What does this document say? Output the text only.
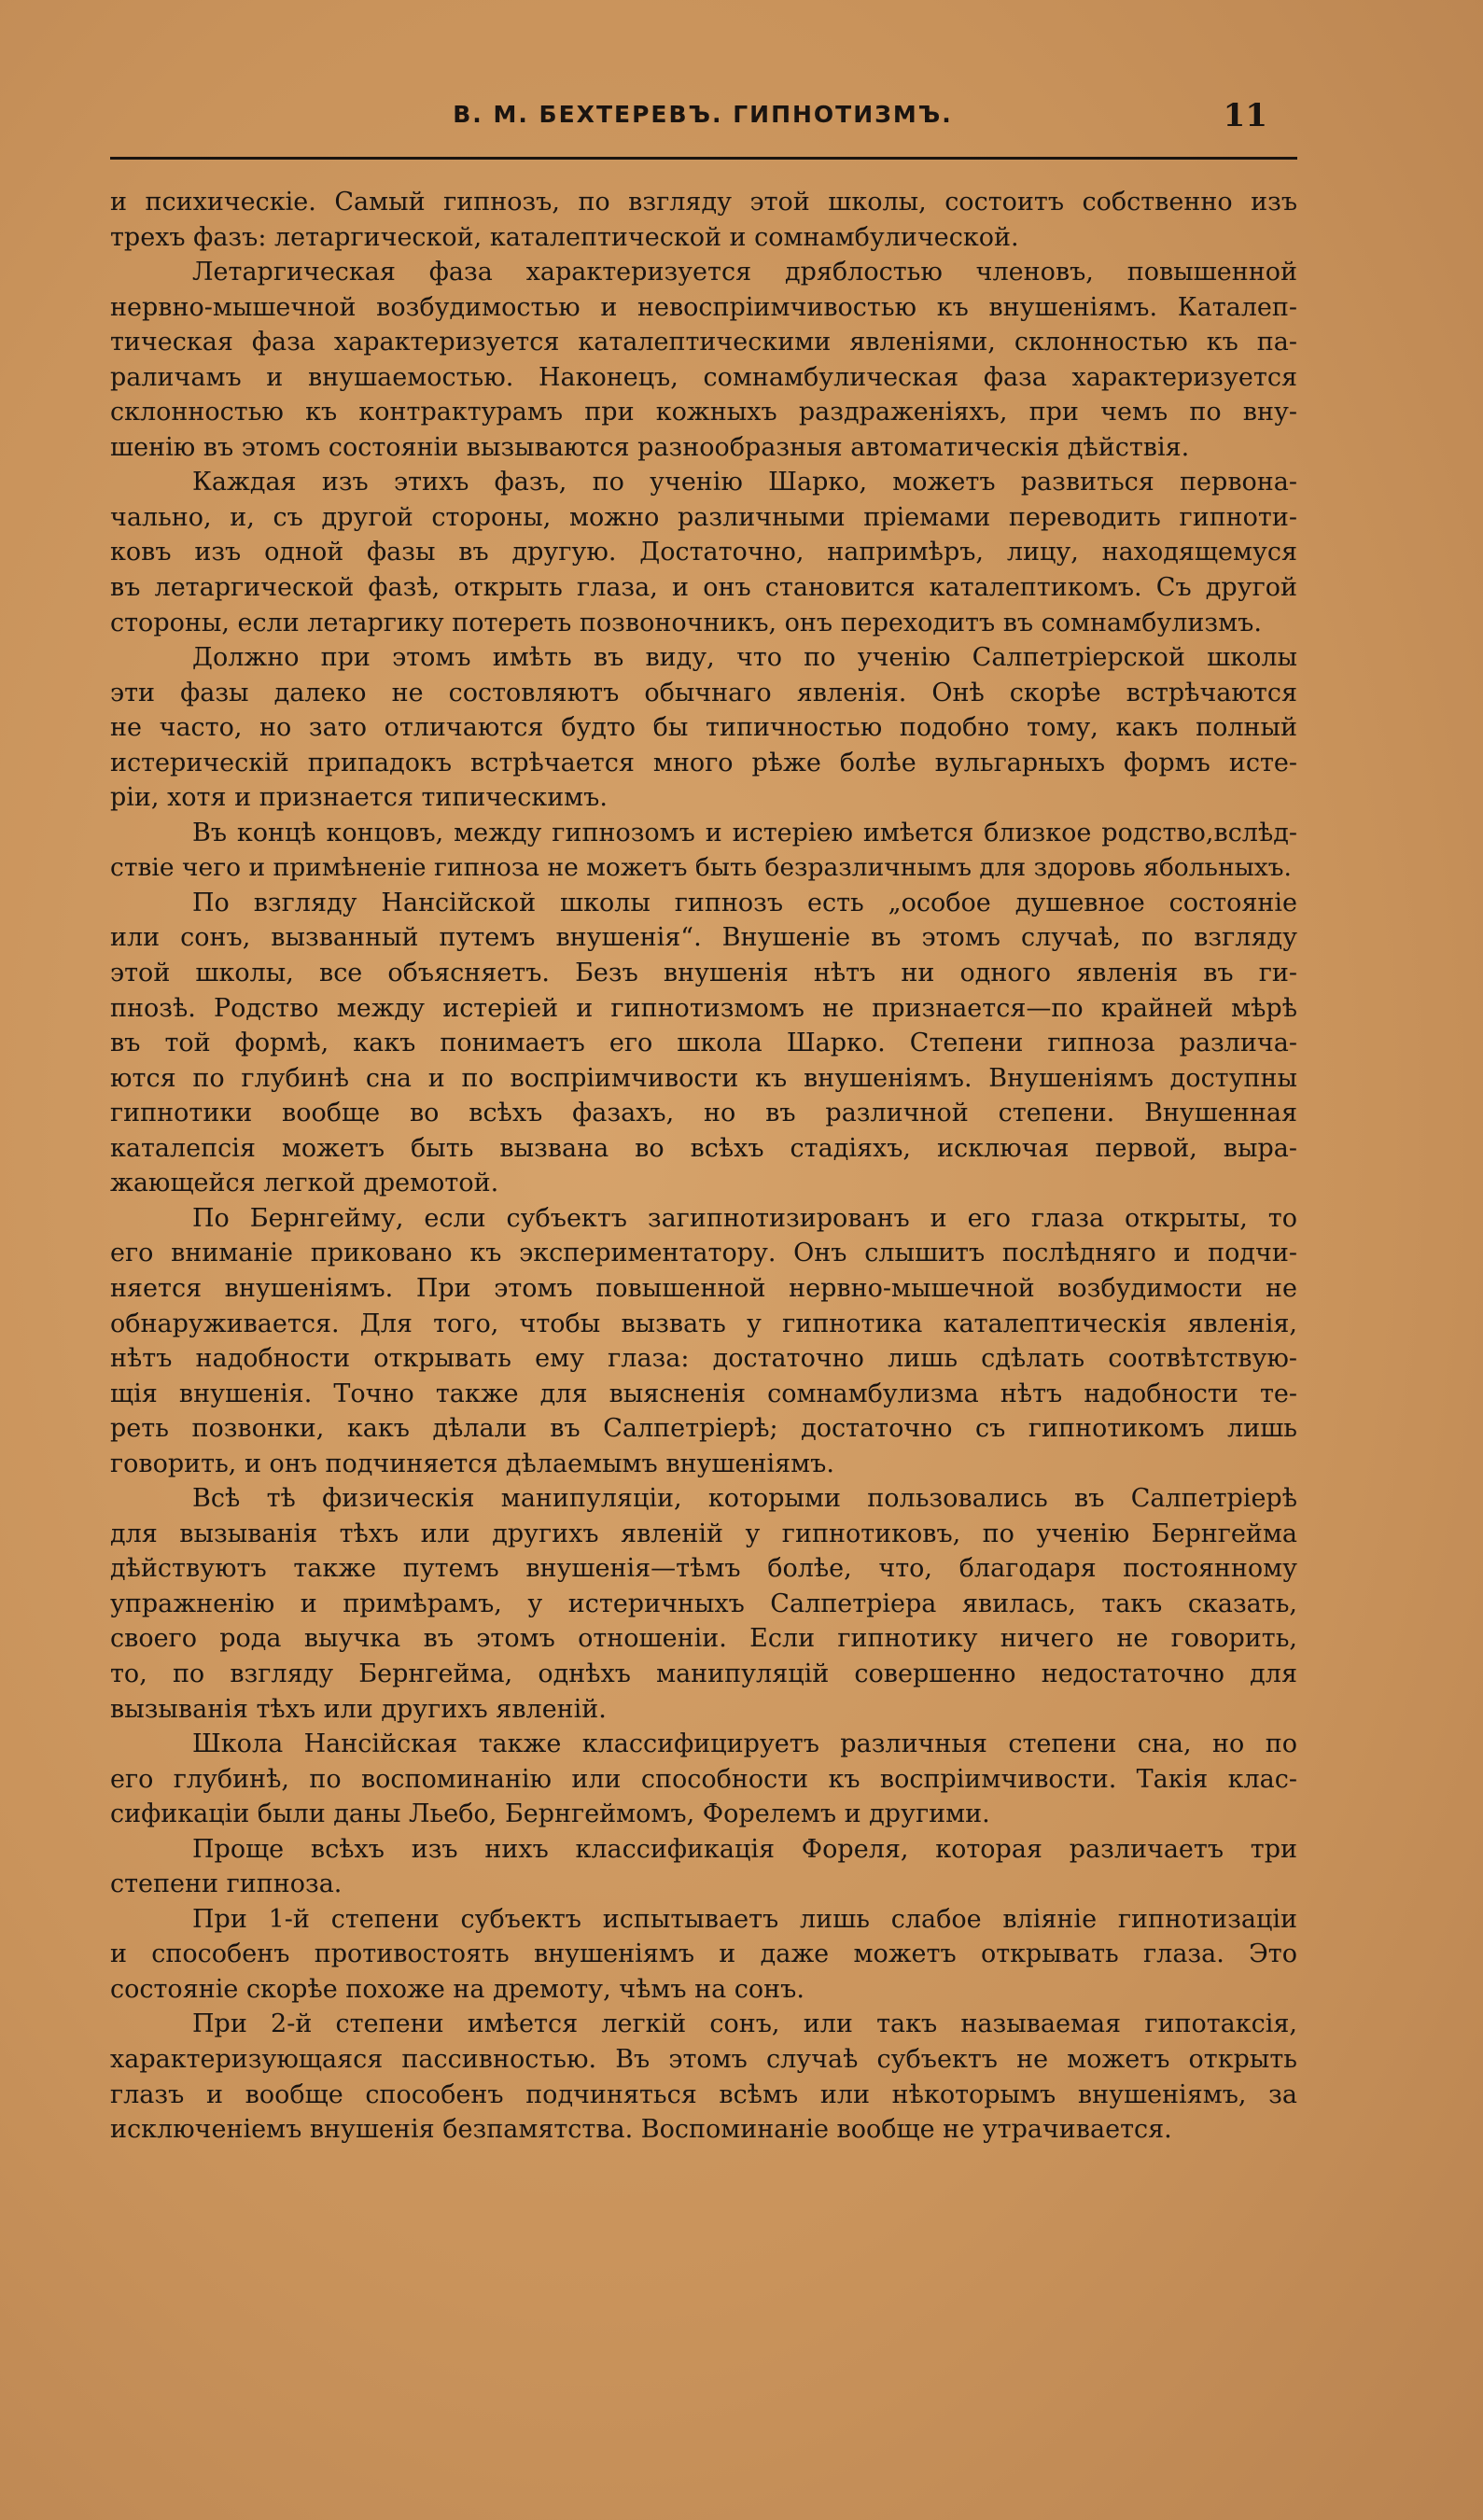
В. М. БЕХТЕРЕВЪ. ГИПНОТИЗМЪ.	11
и психическіе. Самый гипнозъ, по взгляду этой школы, состоитъ собственно изъ
трехъ фазъ: летаргической, каталептической и сомнамбулической.
Летаргическая фаза характеризуется дряблостью членовъ, повышенной
нервно-мышечной возбудимостью и невоспріимчивостью къ внушеніямъ. Каталеп-
тическая фаза характеризуется каталептическими явленіями, склонностью къ па-
раличамъ и внушаемостью. Наконецъ, сомнамбулическая фаза характеризуется
склонностью къ контрактурамъ при кожныхъ раздраженіяхъ, при чемъ по вну-
шенію въ этомъ состояніи вызываются разнообразныя автоматическія дѣйствія.
Каждая изъ этихъ фазъ, по ученію Шарко, можетъ развиться первона-
чально, и, съ другой стороны, можно различными пріемами переводить гипноти-
ковъ изъ одной фазы въ другую. Достаточно, напримѣръ, лицу, находящемуся
въ летаргической фазѣ, открыть глаза, и онъ становится каталептикомъ. Съ другой
стороны, если летаргику потереть позвоночникъ, онъ переходитъ въ сомнамбулизмъ.
Должно при этомъ имѣть въ виду, что по ученію Салпетріерской школы
эти фазы далеко не состовляютъ обычнаго явленія. Онѣ скорѣе встрѣчаются
не часто, но зато отличаются будто бы типичностью подобно тому, какъ полный
истерическій припадокъ встрѣчается много рѣже болѣе вульгарныхъ формъ исте-
ріи, хотя и признается типическимъ.
Въ концѣ концовъ, между гипнозомъ и истеріею имѣется близкое родство,вслѣд-
ствіе чего и примѣненіе гипноза не можетъ быть безразличнымъ для здоровь ябольныхъ.
По взгляду Нансійской школы гипнозъ есть „особое душевное состояніе
или сонъ, вызванный путемъ внушенія“. Внушеніе въ этомъ случаѣ, по взгляду
этой школы, все объясняетъ. Безъ внушенія нѣтъ ни одного явленія въ ги-
пнозѣ. Родство между истеріей и гипнотизмомъ не признается—по крайней мѣрѣ
въ той формѣ, какъ понимаетъ его школа Шарко. Степени гипноза различа-
ются по глубинѣ сна и по воспріимчивости къ внушеніямъ. Внушеніямъ доступны
гипнотики вообще во всѣхъ фазахъ, но въ различной степени. Внушенная
каталепсія можетъ быть вызвана во всѣхъ стадіяхъ, исключая первой, выра-
жающейся легкой дремотой.
По Бернгейму, если субъектъ загипнотизированъ и его глаза открыты, то
его вниманіе приковано къ экспериментатору. Онъ слышитъ послѣдняго и подчи-
няется внушеніямъ. При этомъ повышенной нервно-мышечной возбудимости не
обнаруживается. Для того, чтобы вызвать у гипнотика каталептическія явленія,
нѣтъ надобности открывать ему глаза: достаточно лишь сдѣлать соотвѣтствую-
щія внушенія. Точно также для выясненія сомнамбулизма нѣтъ надобности те-
реть позвонки, какъ дѣлали въ Салпетріерѣ; достаточно съ гипнотикомъ лишь
говорить, и онъ подчиняется дѣлаемымъ внушеніямъ.
Всѣ тѣ физическія манипуляціи, которыми пользовались въ Салпетріерѣ
для вызыванія тѣхъ или другихъ явленій у гипнотиковъ, по ученію Бернгейма
дѣйствуютъ также путемъ внушенія—тѣмъ болѣе, что, благодаря постоянному
упражненію и примѣрамъ, у истеричныхъ Салпетріера явилась, такъ сказать,
своего рода выучка въ этомъ отношеніи. Если гипнотику ничего не говорить,
то, по взгляду Бернгейма, однѣхъ манипуляцій совершенно недостаточно для
вызыванія тѣхъ или другихъ явленій.
Школа Нансійская также классифицируетъ различныя степени сна, но по
его глубинѣ, по воспоминанію или способности къ воспріимчивости. Такія клас-
сификаціи были даны Льебо, Бернгеймомъ, Форелемъ и другими.
Проще всѣхъ изъ нихъ классификація Фореля, которая различаетъ три
степени гипноза.
При 1-й степени субъектъ испытываетъ лишь слабое вліяніе гипнотизаціи
и способенъ противостоять внушеніямъ и даже можетъ открывать глаза. Это
состояніе скорѣе похоже на дремоту, чѣмъ на сонъ.
При 2-й степени имѣется легкій сонъ, или такъ называемая гипотаксія,
характеризующаяся пассивностью. Въ этомъ случаѣ субъектъ не можетъ открыть
глазъ и вообще способенъ подчиняться всѣмъ или нѣкоторымъ внушеніямъ, за
исключеніемъ внушенія безпамятства. Воспоминаніе вообще не утрачивается.
